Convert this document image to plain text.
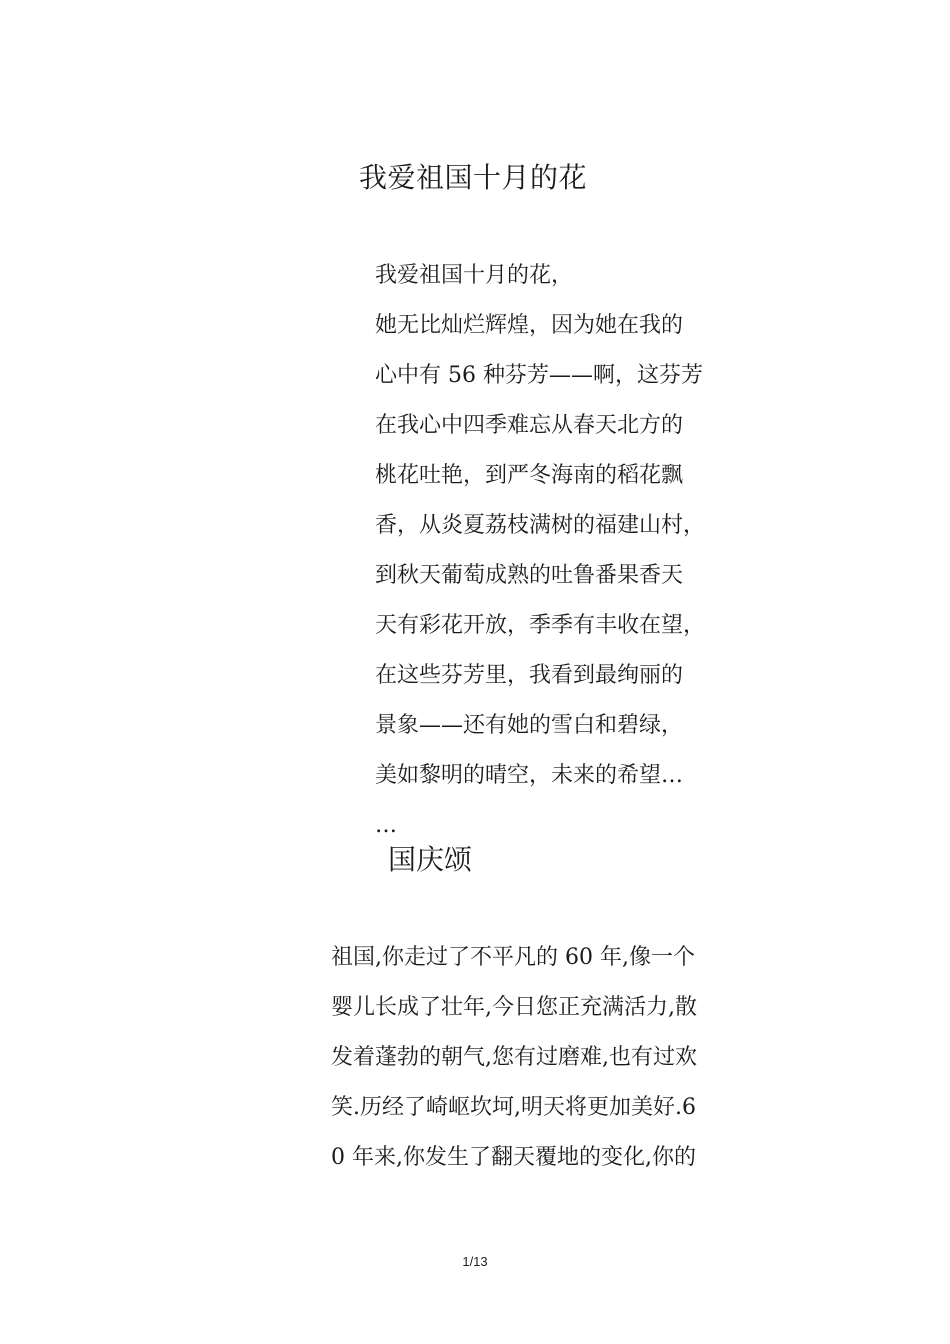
我爱祖国十月的花
我爱祖国十月的花，
她无比灿烂辉煌，因为她在我的
心中有 56 种芬芳——啊，这芬芳
在我心中四季难忘从春天北方的
桃花吐艳，到严冬海南的稻花飘
香，从炎夏荔枝满树的福建山村，
到秋天葡萄成熟的吐鲁番果香天
天有彩花开放，季季有丰收在望，
在这些芬芳里，我看到最绚丽的
景象——还有她的雪白和碧绿，
美如黎明的晴空，未来的希望…
…
国庆颂
祖国,你走过了不平凡的 60 年,像一个
婴儿长成了壮年,今日您正充满活力,散
发着蓬勃的朝气,您有过磨难,也有过欢
笑.历经了崎岖坎坷,明天将更加美好.6
0 年来,你发生了翻天覆地的变化,你的
1/13
